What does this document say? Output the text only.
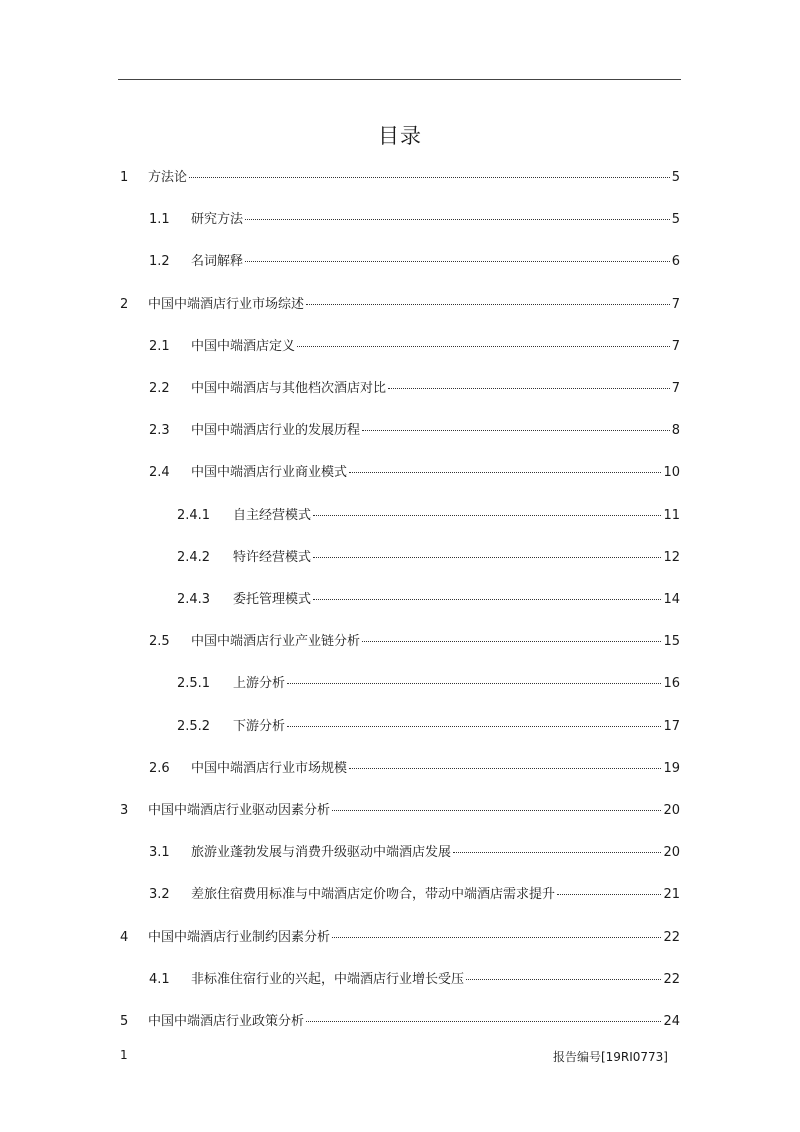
目录
1	方法论	5
1.1	研究方法	5
1.2	名词解释	6
2	中国中端酒店行业市场综述	7
2.1	中国中端酒店定义	7
2.2	中国中端酒店与其他档次酒店对比	7
2.3	中国中端酒店行业的发展历程	8
2.4	中国中端酒店行业商业模式	10
2.4.1	自主经营模式	11
2.4.2	特许经营模式	12
2.4.3	委托管理模式	14
2.5	中国中端酒店行业产业链分析	15
2.5.1	上游分析	16
2.5.2	下游分析	17
2.6	中国中端酒店行业市场规模	19
3	中国中端酒店行业驱动因素分析	20
3.1	旅游业蓬勃发展与消费升级驱动中端酒店发展	20
3.2	差旅住宿费用标准与中端酒店定价吻合，带动中端酒店需求提升	21
4	中国中端酒店行业制约因素分析	22
4.1	非标准住宿行业的兴起，中端酒店行业增长受压	22
5	中国中端酒店行业政策分析	24
1	报告编号[19RI0773]
